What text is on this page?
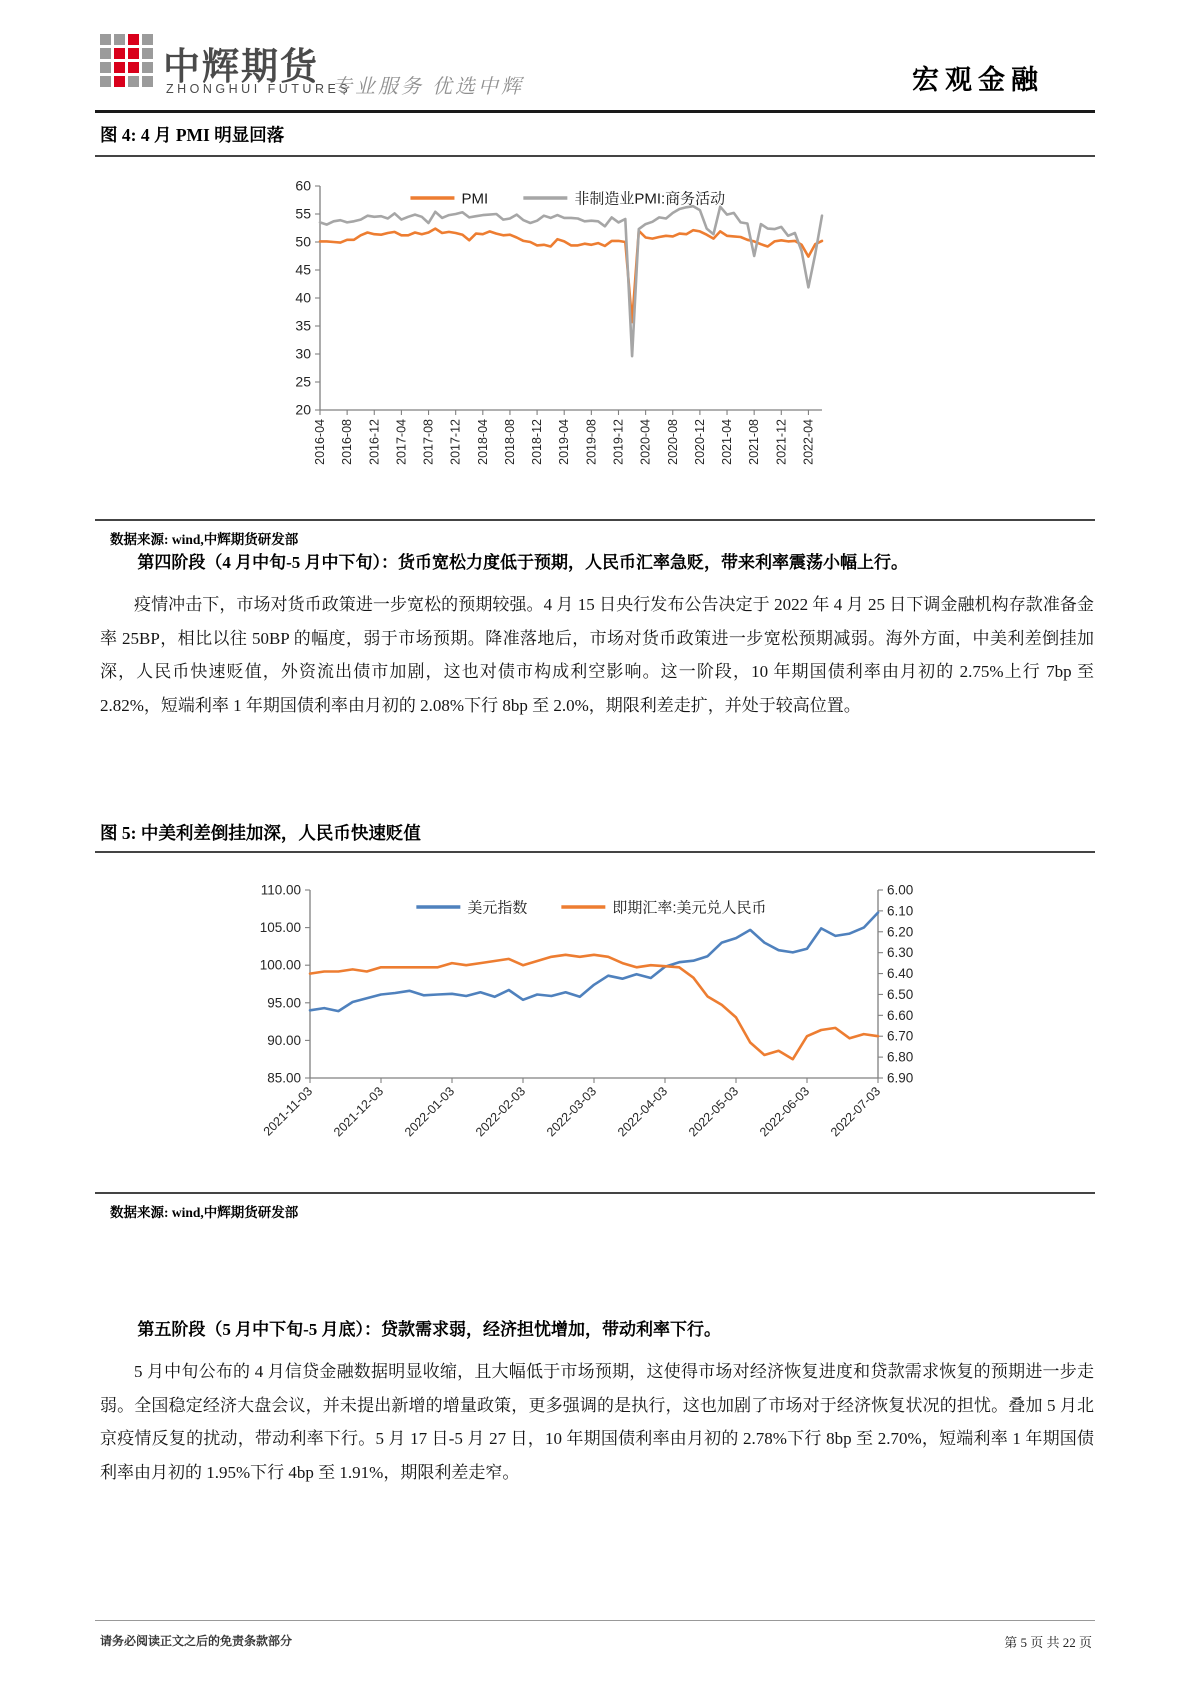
中辉期货
ZHONGHUI FUTURES
专业服务 优选中辉	宏观金融
图 4: 4 月 PMI 明显回落
20
25
30
35
40
45
50
55
60
2016-04 2016-08 2016-12 2017-04 2017-08 2017-12 2018-04 2018-08 2018-12 2019-04 2019-08 2019-12 2020-04 2020-08 2020-12 2021-04 2021-08 2021-12 2022-04
PMI	非制造业PMI:商务活动
数据来源: wind,中辉期货研发部
第四阶段（4 月中旬-5 月中下旬）：货币宽松力度低于预期，人民币汇率急贬，带来利率震荡小幅上行。
疫情冲击下，市场对货币政策进一步宽松的预期较强。4 月 15 日央行发布公告决定于 2022 年 4 月 25 日下调金融机构存款准备金率 25BP，相比以往 50BP 的幅度，弱于市场预期。降准落地后，市场对货币政策进一步宽松预期减弱。海外方面，中美利差倒挂加深，人民币快速贬值，外资流出债市加剧，这也对债市构成利空影响。这一阶段，10 年期国债利率由月初的 2.75%上行 7bp 至 2.82%，短端利率 1 年期国债利率由月初的 2.08%下行 8bp 至 2.0%，期限利差走扩，并处于较高位置。
图 5: 中美利差倒挂加深，人民币快速贬值
85.00
90.00
95.00
100.00
105.00
110.00	6.00
6.10
6.20
6.30
6.40
6.50
6.60
6.70
6.80
6.90
2021-11-03 2021-12-03 2022-01-03 2022-02-03 2022-03-03 2022-04-03 2022-05-03 2022-06-03 2022-07-03
美元指数	即期汇率:美元兑人民币
数据来源: wind,中辉期货研发部
第五阶段（5 月中下旬-5 月底）：贷款需求弱，经济担忧增加，带动利率下行。
5 月中旬公布的 4 月信贷金融数据明显收缩，且大幅低于市场预期，这使得市场对经济恢复进度和贷款需求恢复的预期进一步走弱。全国稳定经济大盘会议，并未提出新增的增量政策，更多强调的是执行，这也加剧了市场对于经济恢复状况的担忧。叠加 5 月北京疫情反复的扰动，带动利率下行。5 月 17 日-5 月 27 日，10 年期国债利率由月初的 2.78%下行 8bp 至 2.70%，短端利率 1 年期国债利率由月初的 1.95%下行 4bp 至 1.91%，期限利差走窄。
请务必阅读正文之后的免责条款部分	第 5 页 共 22 页
